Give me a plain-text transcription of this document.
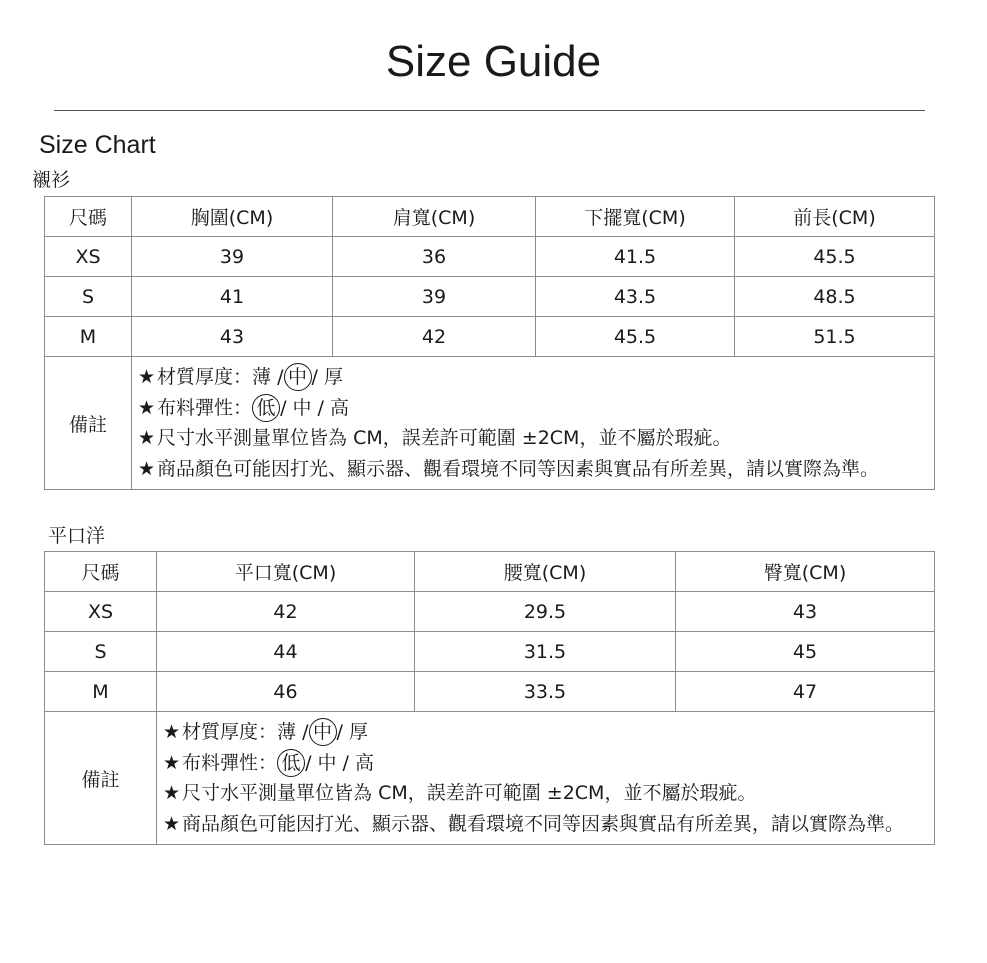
Size Guide
Size Chart
襯衫
尺碼	胸圍(CM)	肩寬(CM)	下擺寬(CM)	前長(CM)
XS	39	36	41.5	45.5
S	41	39	43.5	48.5
M	43	42	45.5	51.5
備註	★ 材質厚度：薄 / 中 / 厚
★ 布料彈性： 低 / 中 / 高
★ 尺寸水平測量單位皆為 CM，誤差許可範圍 ±2CM，並不屬於瑕疵。
★ 商品顏色可能因打光、顯示器、觀看環境不同等因素與實品有所差異，請以實際為準。			
平口洋
尺碼	平口寬(CM)	腰寬(CM)	臀寬(CM)
XS	42	29.5	43
S	44	31.5	45
M	46	33.5	47
備註	★ 材質厚度：薄 / 中 / 厚
★ 布料彈性： 低 / 中 / 高
★ 尺寸水平測量單位皆為 CM，誤差許可範圍 ±2CM，並不屬於瑕疵。
★ 商品顏色可能因打光、顯示器、觀看環境不同等因素與實品有所差異，請以實際為準。		
